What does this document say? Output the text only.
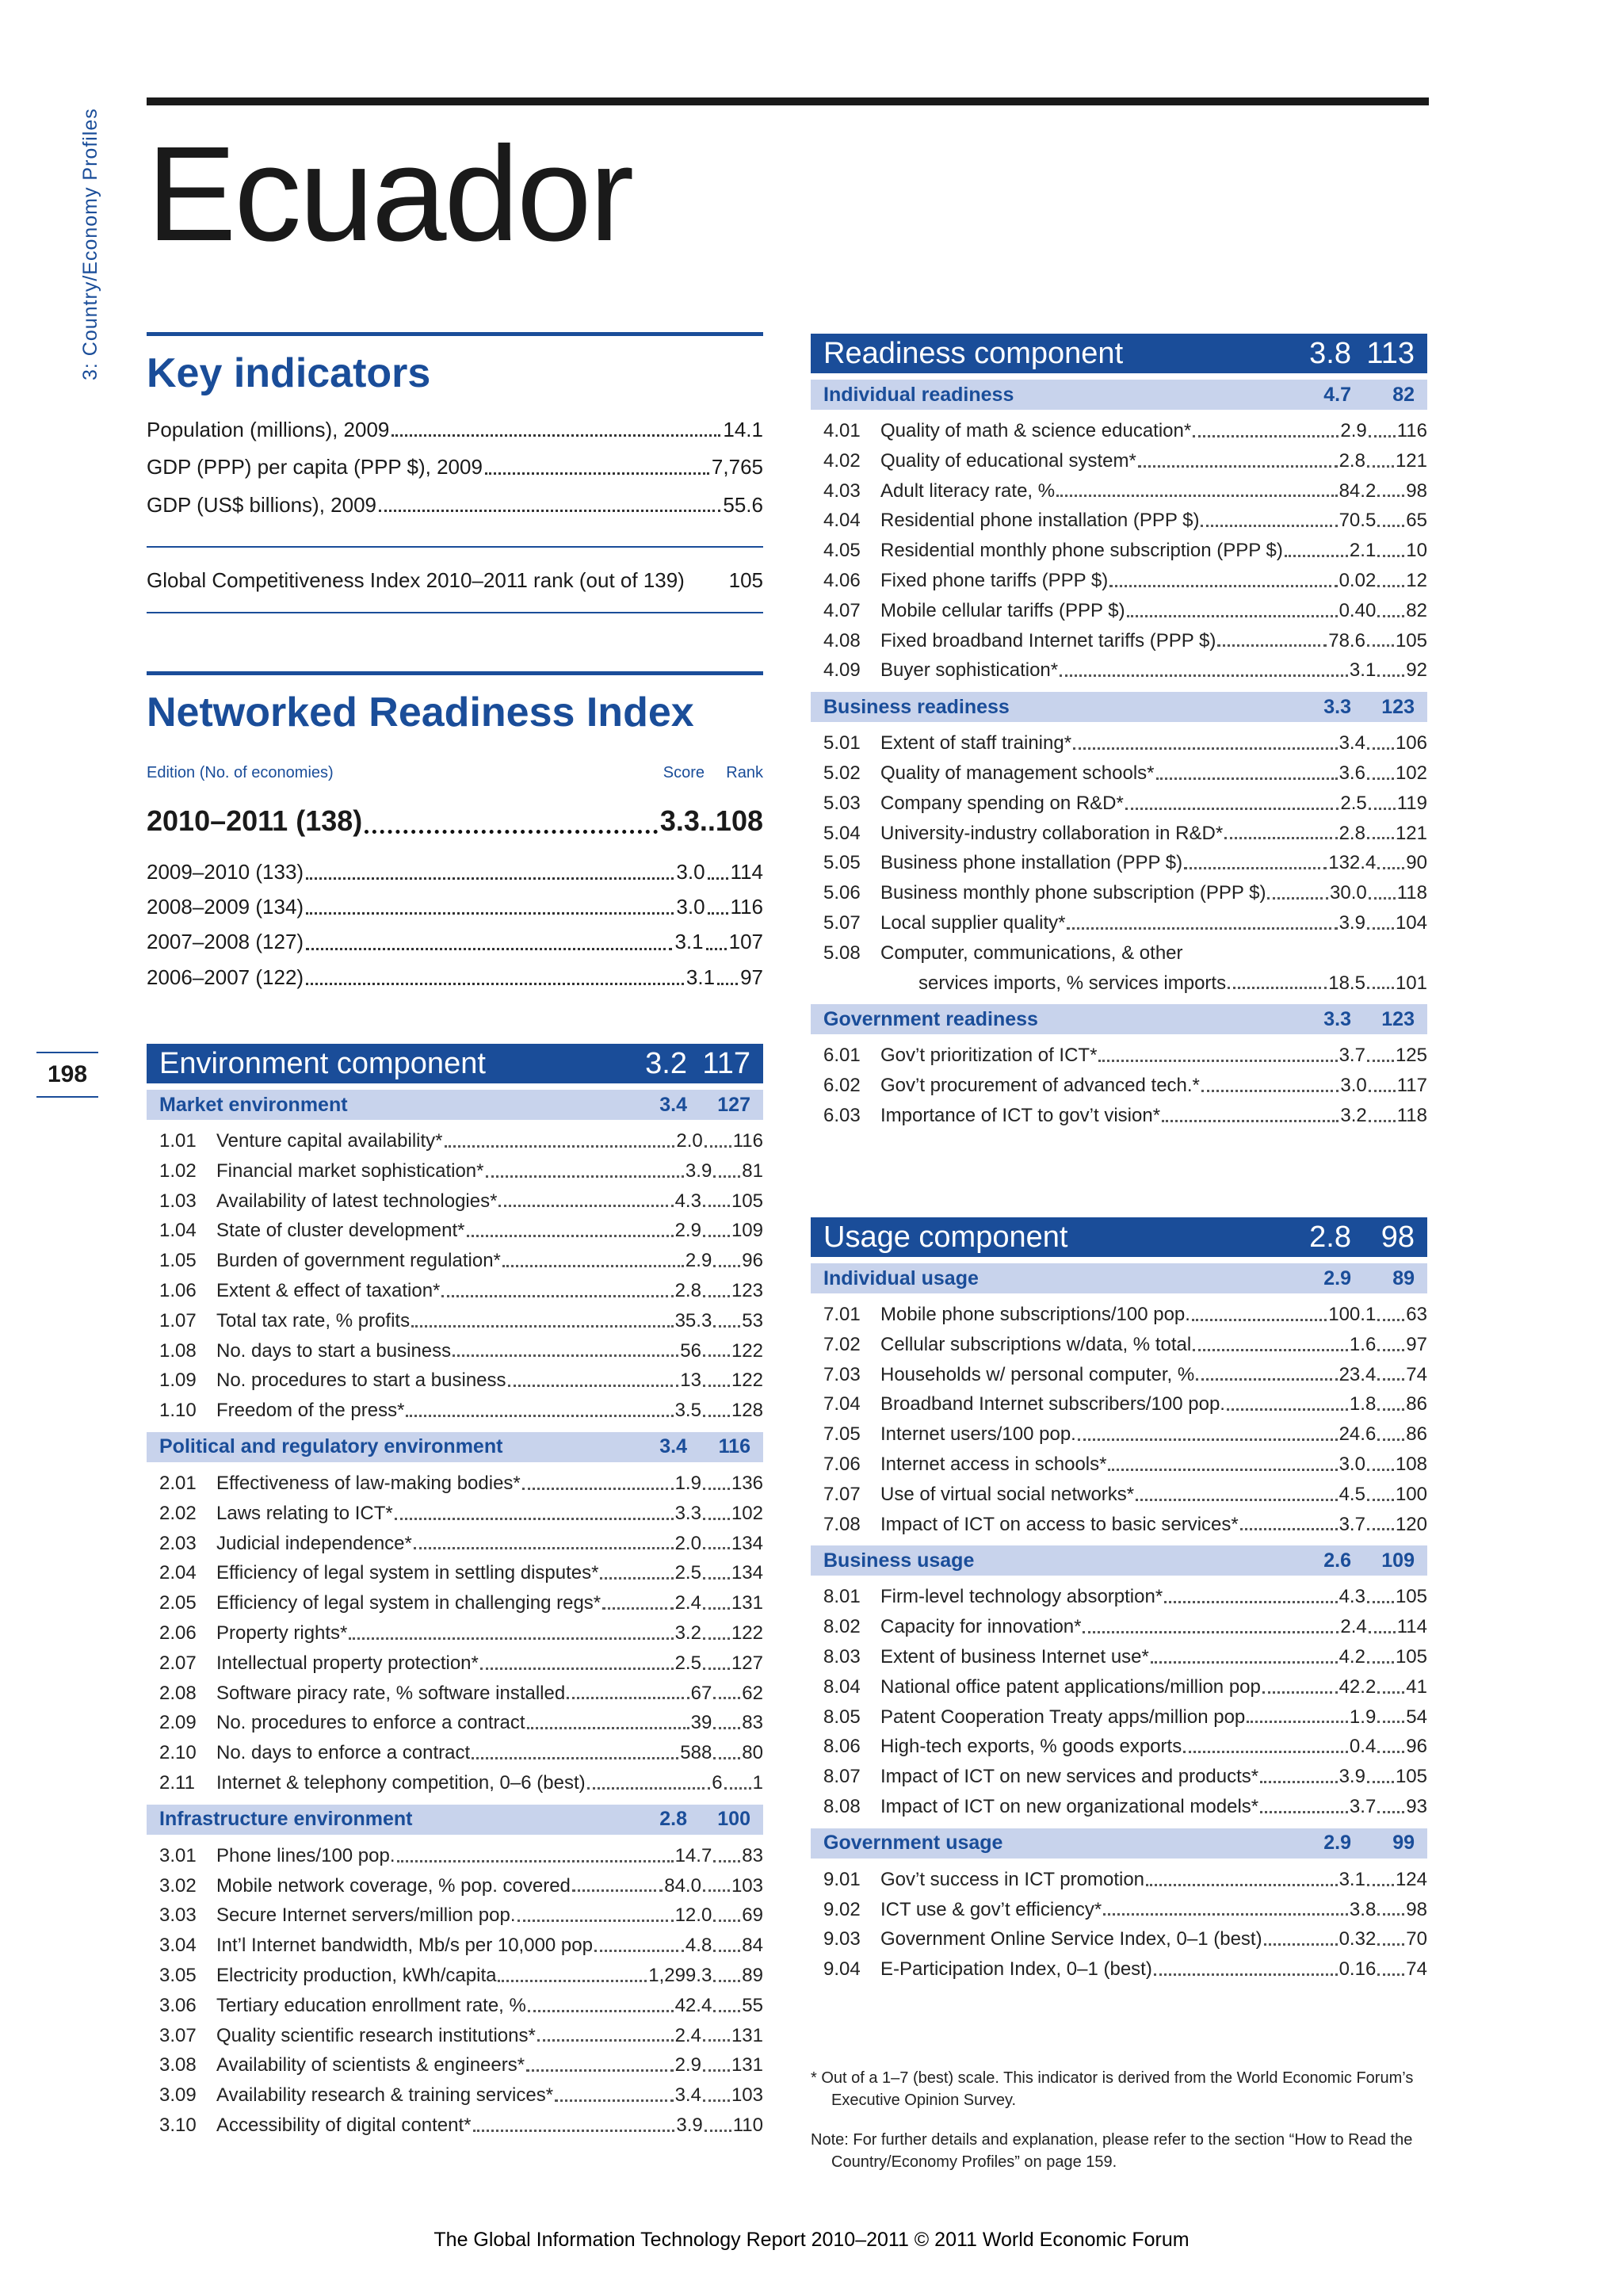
3: Country/Economy Profiles
198
Ecuador
Key indicators
Population (millions), 2009	14.1
GDP (PPP) per capita (PPP $), 2009	7,765
GDP (US$ billions), 2009	55.6
Global Competitiveness Index 2010–2011 rank (out of 139) 105
Networked Readiness Index
Edition (No. of economies)	Score	Rank
2010–2011 (138)	3.3 .. 108
2009–2010 (133)	3.0 114
2008–2009 (134)	3.0 116
2007–2008 (127)	3.1 107
2006–2007 (122)	3.1 97
Environment component	3.2 117
Market environment	3.4	127
1.01	Venture capital availability*	2.0 116
1.02	Financial market sophistication*	3.9 81
1.03	Availability of latest technologies*	4.3 105
1.04	State of cluster development*	2.9 109
1.05	Burden of government regulation*	2.9 96
1.06	Extent & effect of taxation*	2.8 123
1.07	Total tax rate, % profits	35.3 53
1.08	No. days to start a business	56 122
1.09	No. procedures to start a business	13 122
1.10	Freedom of the press*	3.5 128
Political and regulatory environment	3.4	116
2.01	Effectiveness of law-making bodies*	1.9 136
2.02	Laws relating to ICT*	3.3 102
2.03	Judicial independence*	2.0 134
2.04	Efficiency of legal system in settling disputes*	2.5 134
2.05	Efficiency of legal system in challenging regs*	2.4 131
2.06	Property rights*	3.2 122
2.07	Intellectual property protection*	2.5 127
2.08	Software piracy rate, % software installed	67 62
2.09	No. procedures to enforce a contract	39 83
2.10	No. days to enforce a contract	588 80
2.11	Internet & telephony competition, 0–6 (best)	6 1
Infrastructure environment	2.8	100
3.01	Phone lines/100 pop.	14.7 83
3.02	Mobile network coverage, % pop. covered	84.0 103
3.03	Secure Internet servers/million pop.	12.0 69
3.04	Int’l Internet bandwidth, Mb/s per 10,000 pop	4.8 84
3.05	Electricity production, kWh/capita	1,299.3 89
3.06	Tertiary education enrollment rate, %	42.4 55
3.07	Quality scientific research institutions*	2.4 131
3.08	Availability of scientists & engineers*	2.9 131
3.09	Availability research & training services*	3.4 103
3.10	Accessibility of digital content*	3.9 110
Readiness component	3.8 113
Individual readiness	4.7	82
4.01	Quality of math & science education*	2.9 116
4.02	Quality of educational system*	2.8 121
4.03	Adult literacy rate, %	84.2 98
4.04	Residential phone installation (PPP $)	70.5 65
4.05	Residential monthly phone subscription (PPP $)	2.1 10
4.06	Fixed phone tariffs (PPP $)	0.02 12
4.07	Mobile cellular tariffs (PPP $)	0.40 82
4.08	Fixed broadband Internet tariffs (PPP $)	78.6 105
4.09	Buyer sophistication*	3.1 92
Business readiness	3.3	123
5.01	Extent of staff training*	3.4 106
5.02	Quality of management schools*	3.6 102
5.03	Company spending on R&D*	2.5 119
5.04	University-industry collaboration in R&D*	2.8 121
5.05	Business phone installation (PPP $)	132.4 90
5.06	Business monthly phone subscription (PPP $)	30.0 118
5.07	Local supplier quality*	3.9 104
5.08	Computer, communications, & other
services imports, % services imports	18.5 101
Government readiness	3.3	123
6.01	Gov’t prioritization of ICT*	3.7 125
6.02	Gov’t procurement of advanced tech.*	3.0 117
6.03	Importance of ICT to gov’t vision*	3.2 118
Usage component	2.8 98
Individual usage	2.9	89
7.01	Mobile phone subscriptions/100 pop.	100.1 63
7.02	Cellular subscriptions w/data, % total	1.6 97
7.03	Households w/ personal computer, %	23.4 74
7.04	Broadband Internet subscribers/100 pop.	1.8 86
7.05	Internet users/100 pop.	24.6 86
7.06	Internet access in schools*	3.0 108
7.07	Use of virtual social networks*	4.5 100
7.08	Impact of ICT on access to basic services*	3.7 120
Business usage	2.6	109
8.01	Firm-level technology absorption*	4.3 105
8.02	Capacity for innovation*	2.4 114
8.03	Extent of business Internet use*	4.2 105
8.04	National office patent applications/million pop	42.2 41
8.05	Patent Cooperation Treaty apps/million pop	1.9 54
8.06	High-tech exports, % goods exports	0.4 96
8.07	Impact of ICT on new services and products*	3.9 105
8.08	Impact of ICT on new organizational models*	3.7 93
Government usage	2.9	99
9.01	Gov’t success in ICT promotion	3.1 124
9.02	ICT use & gov’t efficiency*	3.8 98
9.03	Government Online Service Index, 0–1 (best)	0.32 70
9.04	E-Participation Index, 0–1 (best)	0.16 74

* Out of a 1–7 (best) scale. This indicator is derived from the World Economic Forum’s Executive Opinion Survey.

Note: For further details and explanation, please refer to the section “How to Read the Country/Economy Profiles” on page 159.

The Global Information Technology Report 2010–2011 © 2011 World Economic Forum
